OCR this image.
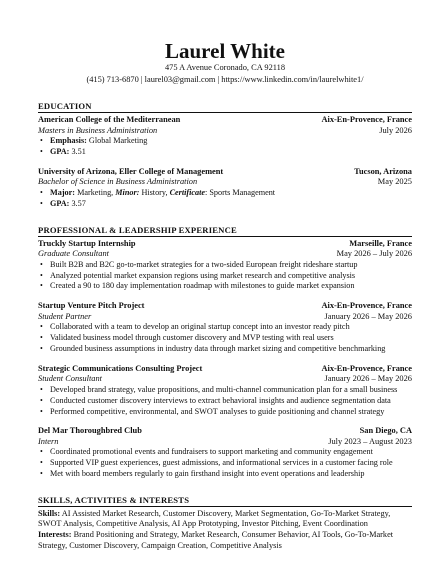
Laurel White
475 A Avenue Coronado, CA 92118
(415) 713-6870 | laurel03@gmail.com | https://www.linkedin.com/in/laurelwhite1/
EDUCATION
American College of the Mediterranean	Aix-En-Provence, France
Masters in Business Administration	July 2026
• Emphasis: Global Marketing
• GPA: 3.51
University of Arizona, Eller College of Management	Tucson, Arizona
Bachelor of Science in Business Administration	May 2025
• Major: Marketing, Minor: History, Certificate: Sports Management
• GPA: 3.57
PROFESSIONAL & LEADERSHIP EXPERIENCE
Truckly Startup Internship	Marseille, France
Graduate Consultant	May 2026 – July 2026
• Built B2B and B2C go-to-market strategies for a two-sided European freight rideshare startup
• Analyzed potential market expansion regions using market research and competitive analysis
• Created a 90 to 180 day implementation roadmap with milestones to guide market expansion
Startup Venture Pitch Project	Aix-En-Provence, France
Student Partner	January 2026 – May 2026
• Collaborated with a team to develop an original startup concept into an investor ready pitch
• Validated business model through customer discovery and MVP testing with real users
• Grounded business assumptions in industry data through market sizing and competitive benchmarking
Strategic Communications Consulting Project	Aix-En-Provence, France
Student Consultant	January 2026 – May 2026
• Developed brand strategy, value propositions, and multi-channel communication plan for a small business
• Conducted customer discovery interviews to extract behavioral insights and audience segmentation data
• Performed competitive, environmental, and SWOT analyses to guide positioning and channel strategy
Del Mar Thoroughbred Club	San Diego, CA
Intern	July 2023 – August 2023
• Coordinated promotional events and fundraisers to support marketing and community engagement
• Supported VIP guest experiences, guest admissions, and informational services in a customer facing role
• Met with board members regularly to gain firsthand insight into event operations and leadership
SKILLS, ACTIVITIES & INTERESTS

Skills: AI Assisted Market Research, Customer Discovery, Market Segmentation, Go-To-Market Strategy, SWOT Analysis, Competitive Analysis, AI App Prototyping, Investor Pitching, Event Coordination

Interests: Brand Positioning and Strategy, Market Research, Consumer Behavior, AI Tools, Go-To-Market Strategy, Customer Discovery, Campaign Creation, Competitive Analysis
